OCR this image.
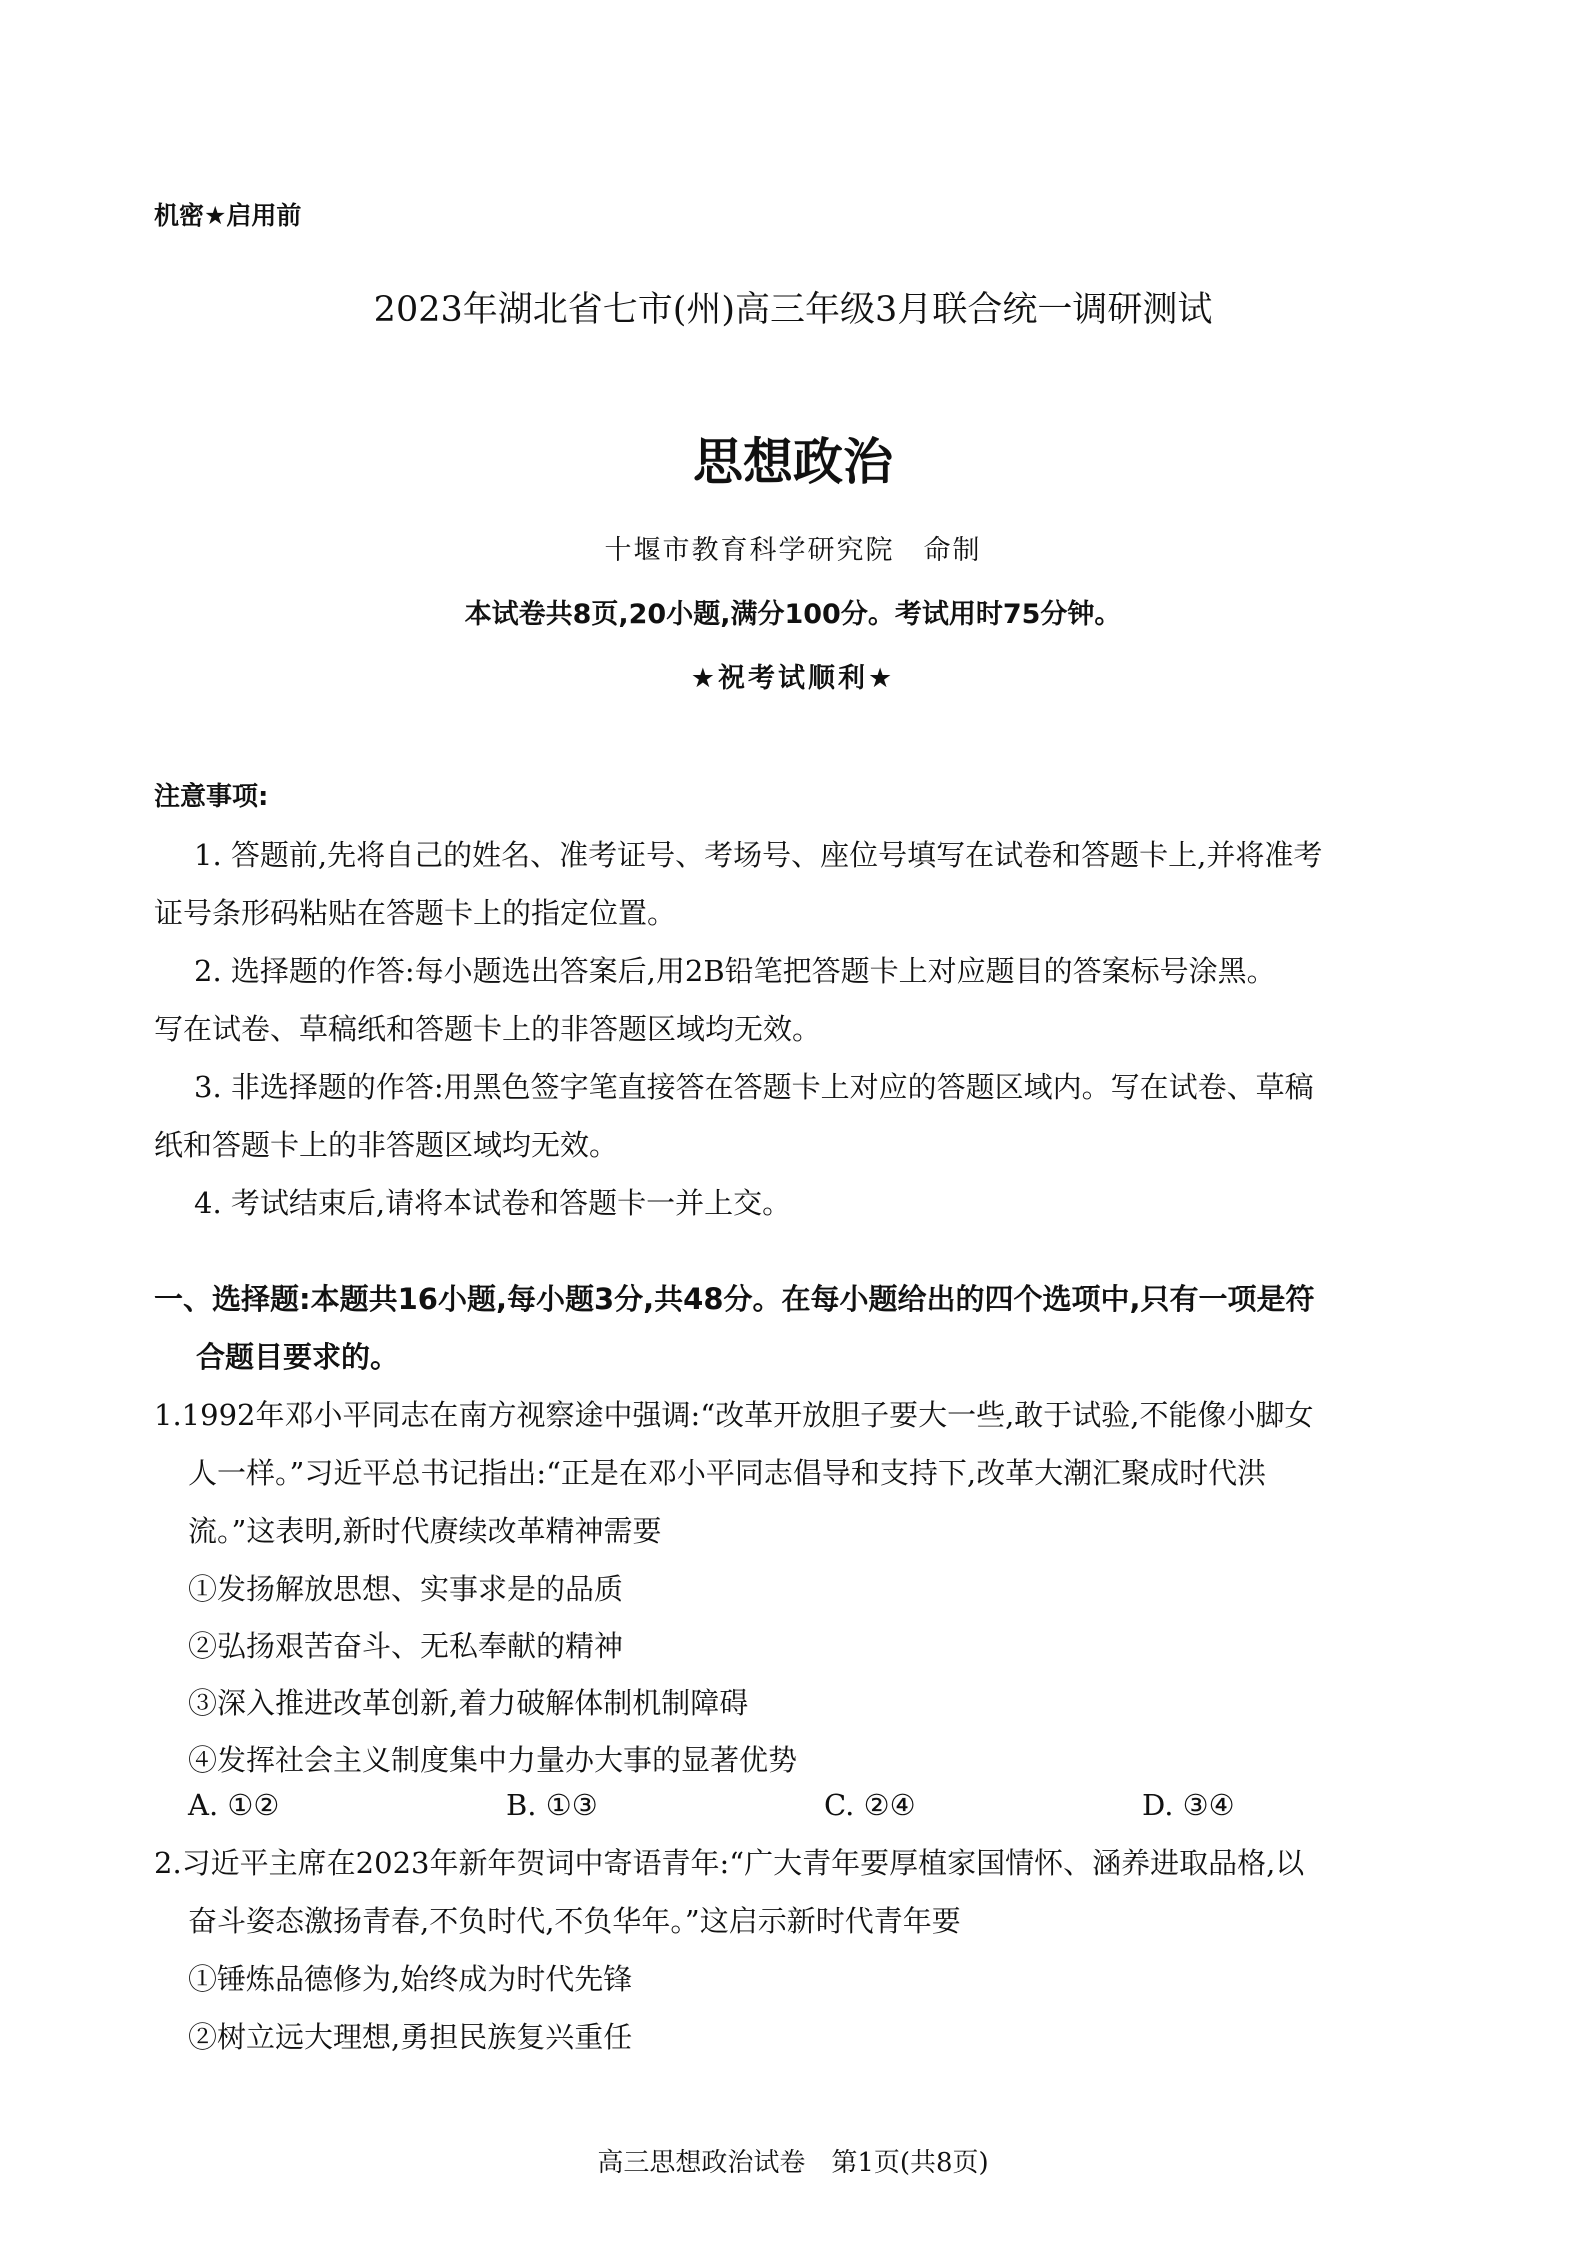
机密★启用前
2023年湖北省七市(州)高三年级3月联合统一调研测试
思想政治
十堰市教育科学研究院　命制
本试卷共8页,20小题,满分100分。考试用时75分钟。
★祝考试顺利★
注意事项:
1. 答题前,先将自己的姓名、准考证号、考场号、座位号填写在试卷和答题卡上,并将准考
证号条形码粘贴在答题卡上的指定位置。
2. 选择题的作答:每小题选出答案后,用2B铅笔把答题卡上对应题目的答案标号涂黑。
写在试卷、草稿纸和答题卡上的非答题区域均无效。
3. 非选择题的作答:用黑色签字笔直接答在答题卡上对应的答题区域内。写在试卷、草稿
纸和答题卡上的非答题区域均无效。
4. 考试结束后,请将本试卷和答题卡一并上交。
一、选择题:本题共16小题,每小题3分,共48分。在每小题给出的四个选项中,只有一项是符
合题目要求的。
1.1992年邓小平同志在南方视察途中强调:“改革开放胆子要大一些,敢于试验,不能像小脚女
人一样。”习近平总书记指出:“正是在邓小平同志倡导和支持下,改革大潮汇聚成时代洪
流。”这表明,新时代赓续改革精神需要
①发扬解放思想、实事求是的品质
②弘扬艰苦奋斗、无私奉献的精神
③深入推进改革创新,着力破解体制机制障碍
④发挥社会主义制度集中力量办大事的显著优势
A. ①②	B. ①③	C. ②④	D. ③④
2.习近平主席在2023年新年贺词中寄语青年:“广大青年要厚植家国情怀、涵养进取品格,以
奋斗姿态激扬青春,不负时代,不负华年。”这启示新时代青年要
①锤炼品德修为,始终成为时代先锋
②树立远大理想,勇担民族复兴重任
高三思想政治试卷　第1页(共8页)
